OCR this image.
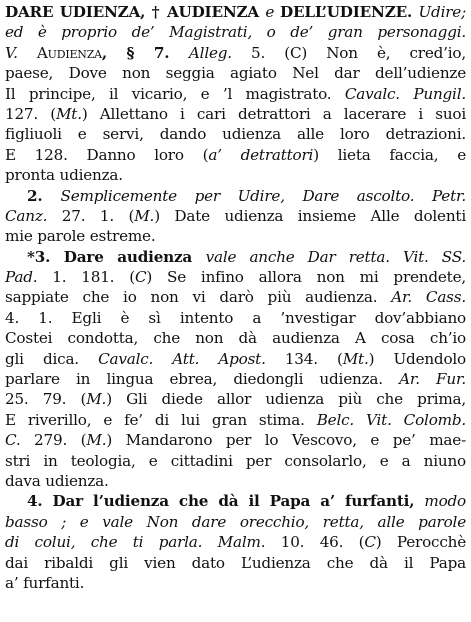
DARE UDIENZA, † AUDIENZA e DELL’UDIENZE. Udire;
ed è proprio de’ Magistrati, o de’ gran personaggi.
V. Audienza, § 7. Alleg. 5. (C) Non è, cred’io,
paese, Dove non seggia agiato Nel dar dell’udienze
Il principe, il vicario, e ’l magistrato. Cavalc. Pungil.
127. (Mt.) Allettano i cari detrattori a lacerare i suoi
figliuoli e servi, dando udienza alle loro detrazioni.
E 128. Danno loro (a’ detrattori) lieta faccia, e
pronta udienza.
2. Semplicemente per Udire, Dare ascolto. Petr.
Canz. 27. 1. (M.) Date udienza insieme Alle dolenti
mie parole estreme.
*3. Dare audienza vale anche Dar retta. Vit. SS.
Pad. 1. 181. (C) Se infino allora non mi prendete,
sappiate che io non vi darò più audienza. Ar. Cass.
4. 1. Egli è sì intento a ’nvestigar dov’abbiano
Costei condotta, che non dà audienza A cosa ch’io
gli dica. Cavalc. Att. Apost. 134. (Mt.) Udendolo
parlare in lingua ebrea, diedongli udienza. Ar. Fur.
25. 79. (M.) Gli diede allor udienza più che prima,
E riverillo, e fe’ di lui gran stima. Belc. Vit. Colomb.
C. 279. (M.) Mandarono per lo Vescovo, e pe’ mae-
stri in teologia, e cittadini per consolarlo, e a niuno
dava udienza.
4. Dar l’udienza che dà il Papa a’ furfanti, modo
basso ; e vale Non dare orecchio, retta, alle parole
di colui, che ti parla. Malm. 10. 46. (C) Perocchè
dai ribaldi gli vien dato L’udienza che dà il Papa
a’ furfanti.
